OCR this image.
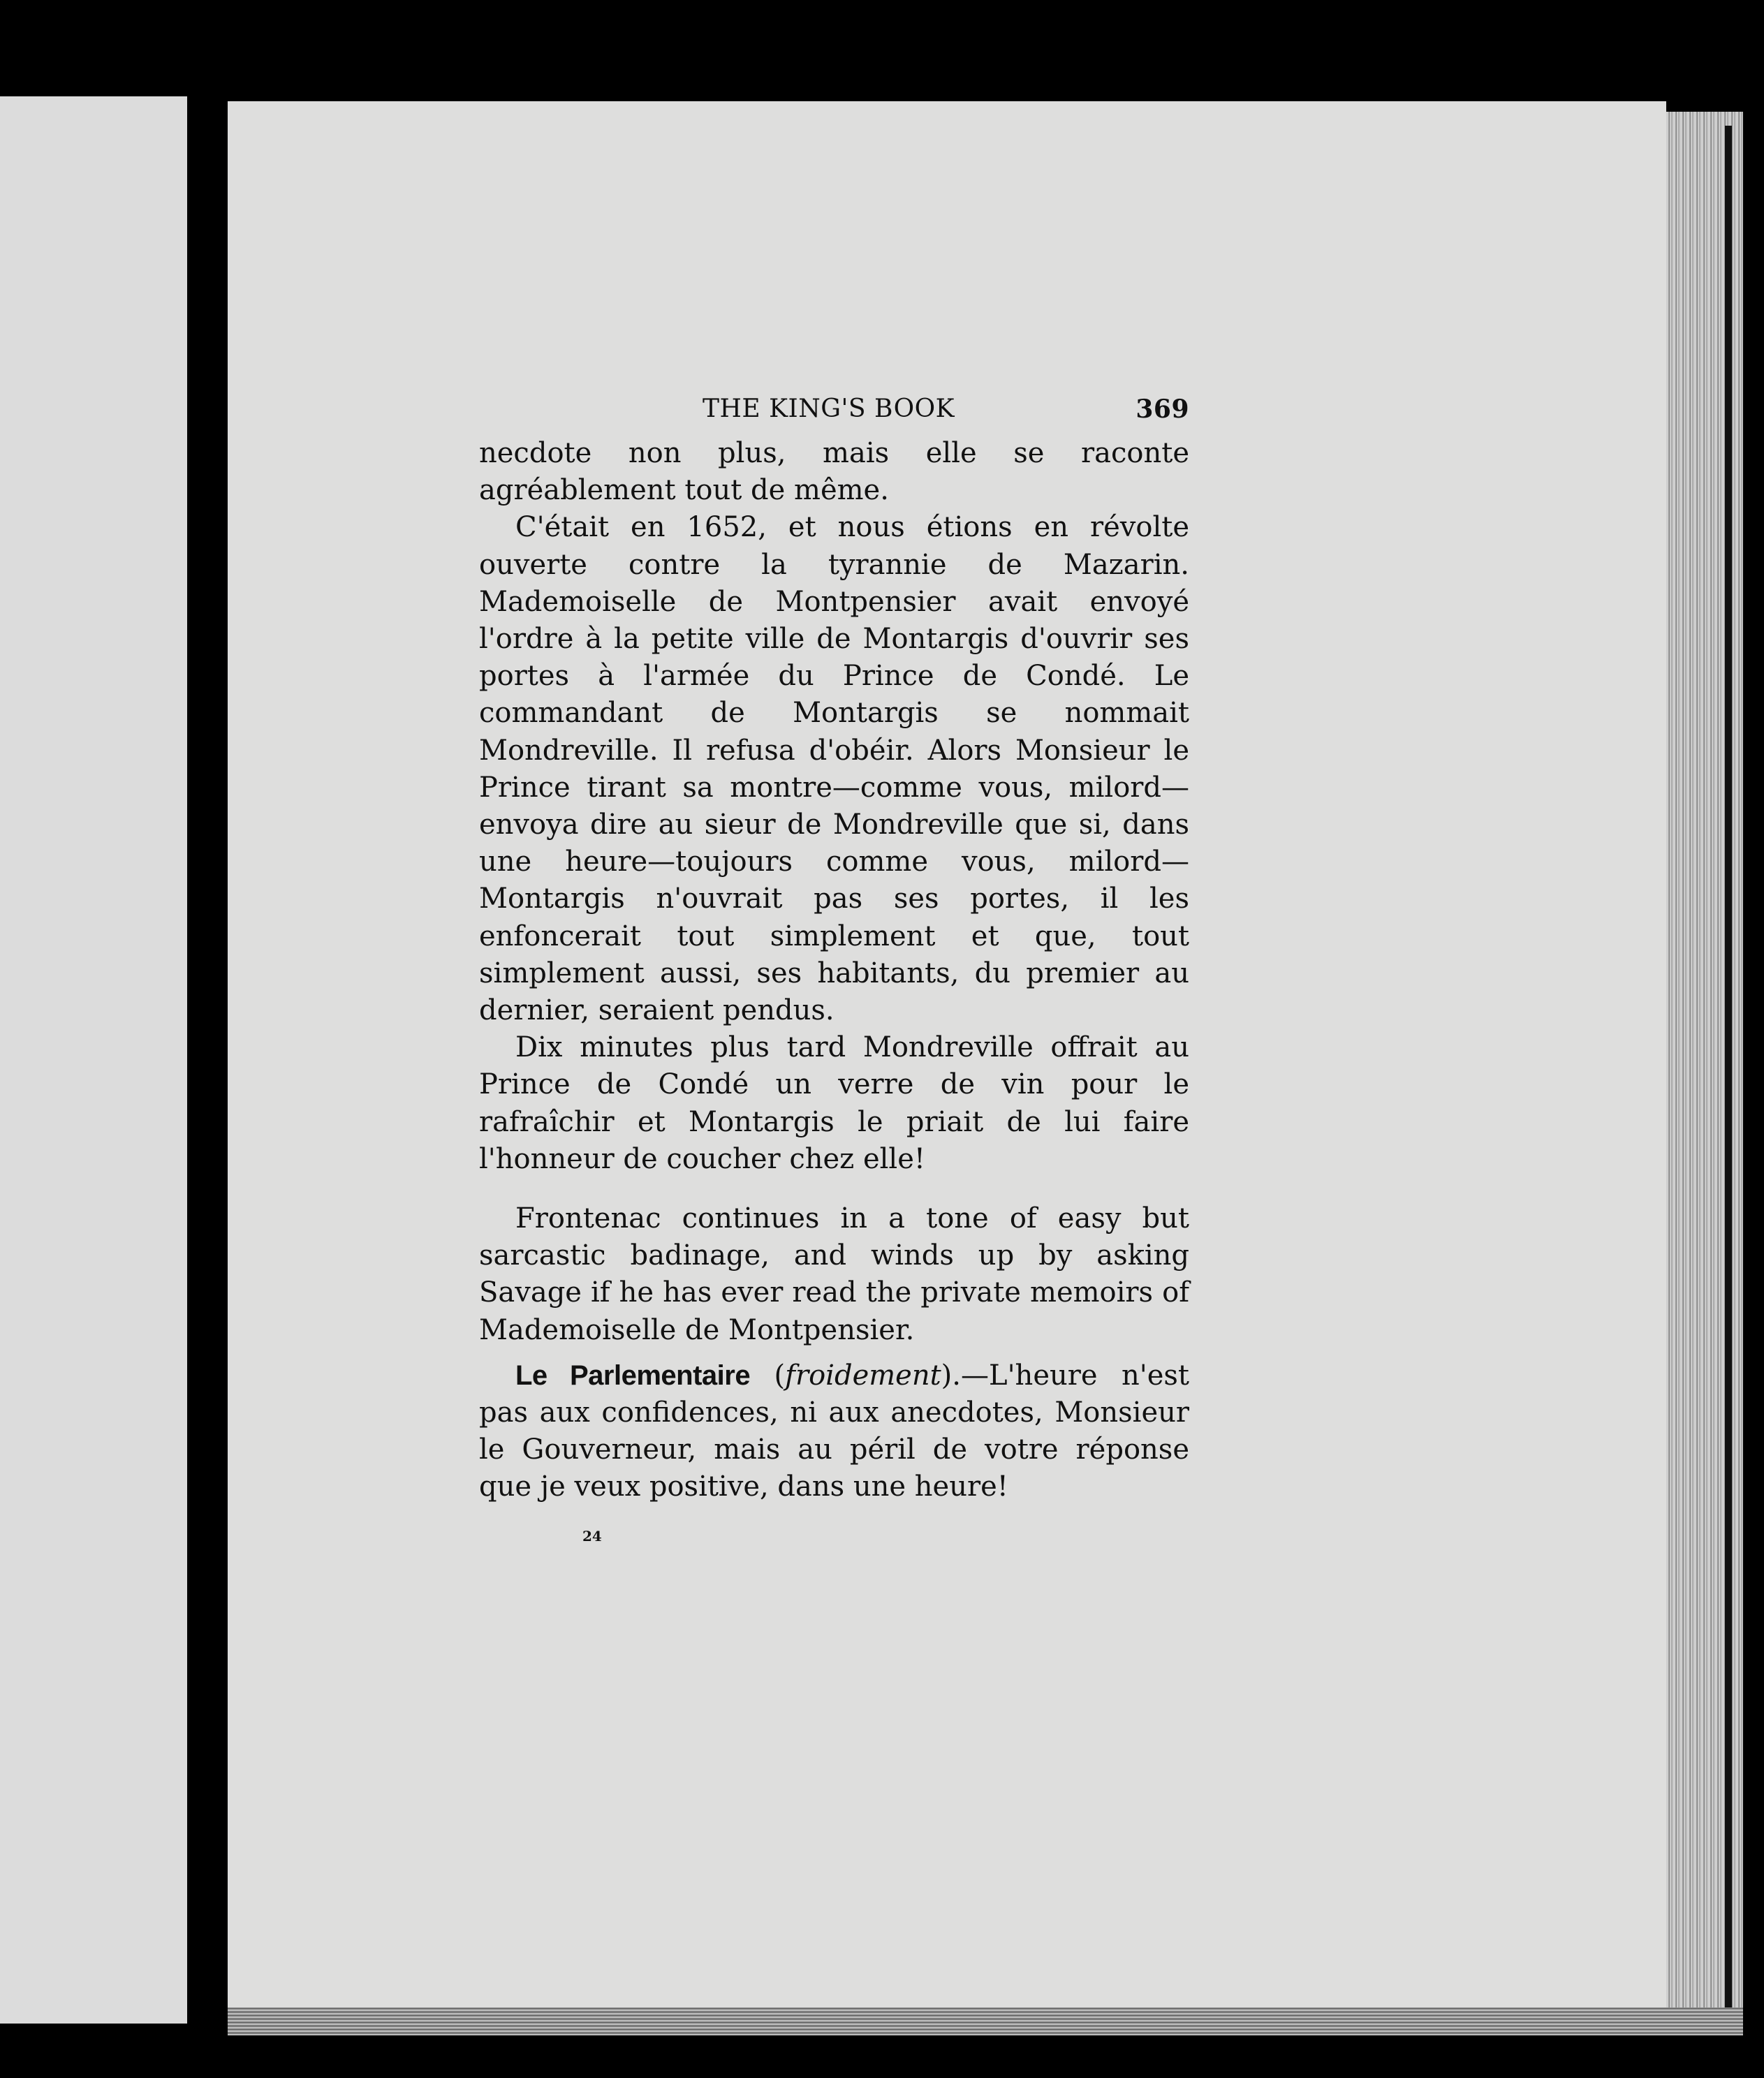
THE KING'S BOOK	369

necdote non plus, mais elle se raconte agréablement tout de même.

C'était en 1652, et nous étions en révolte ouverte contre la tyrannie de Mazarin. Mademoiselle de Montpensier avait envoyé l'ordre à la petite ville de Montargis d'ouvrir ses portes à l'armée du Prince de Condé. Le commandant de Montargis se nommait Mondreville. Il refusa d'obéir. Alors Monsieur le Prince tirant sa montre—comme vous, milord—envoya dire au sieur de Mondreville que si, dans une heure—toujours comme vous, milord—Montargis n'ouvrait pas ses portes, il les enfoncerait tout simplement et que, tout simplement aussi, ses habitants, du premier au dernier, seraient pendus.

Dix minutes plus tard Mondreville offrait au Prince de Condé un verre de vin pour le rafraîchir et Montargis le priait de lui faire l'honneur de coucher chez elle!

Frontenac continues in a tone of easy but sarcastic badinage, and winds up by asking Savage if he has ever read the private memoirs of Mademoiselle de Montpensier.

Le Parlementaire (froidement).—L'heure n'est pas aux confidences, ni aux anecdotes, Monsieur le Gouverneur, mais au péril de votre réponse que je veux positive, dans une heure!

24
